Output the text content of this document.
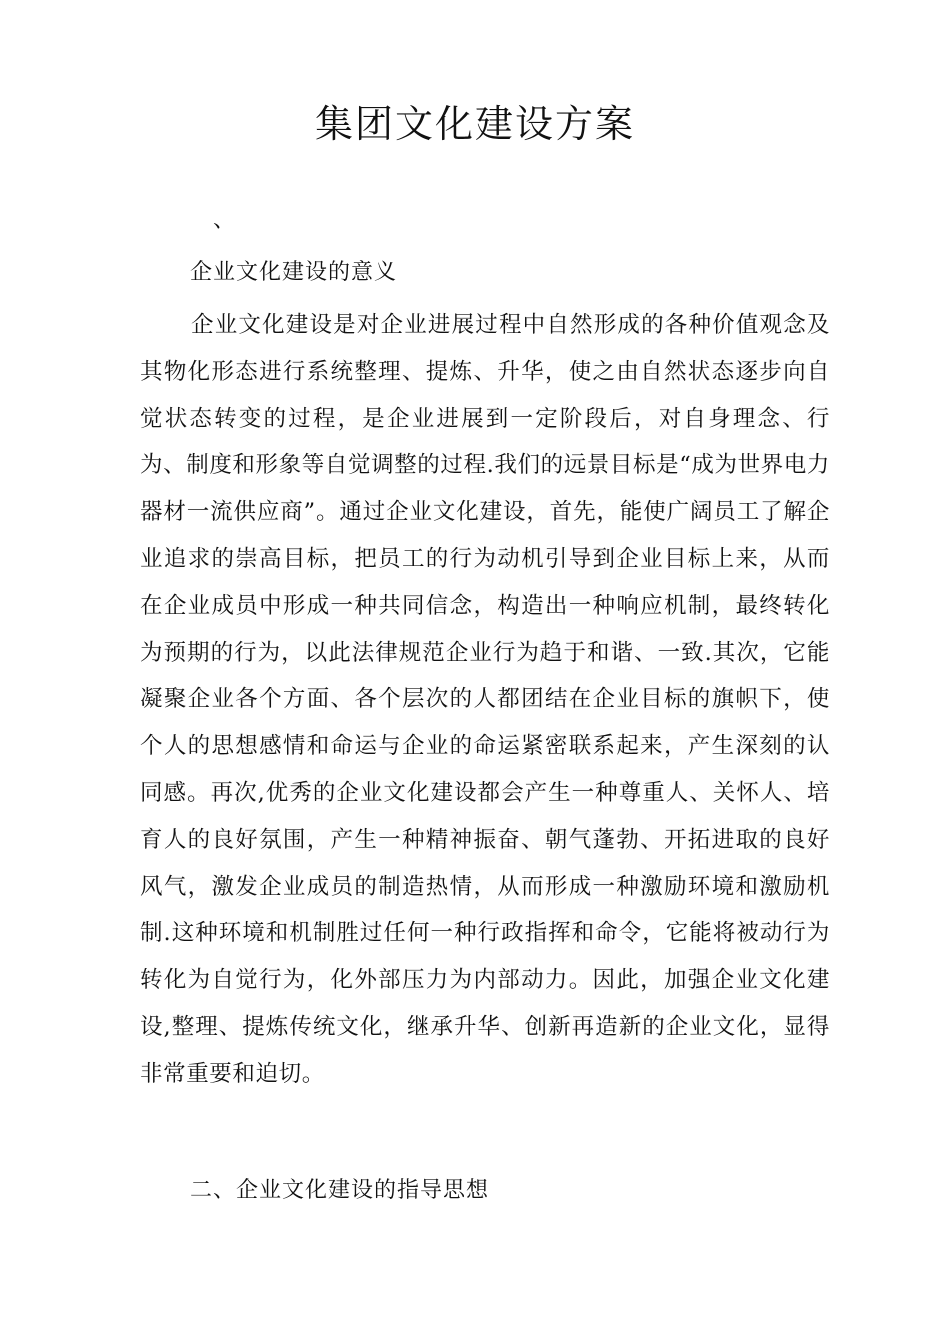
集团文化建设方案
、
企业文化建设的意义

企业文化建设是对企业进展过程中自然形成的各种价值观念及其物化形态进行系统整理、提炼、升华，使之由自然状态逐步向自觉状态转变的过程，是企业进展到一定阶段后，对自身理念、行为、制度和形象等自觉调整的过程.我们的远景目标是“成为世界电力器材一流供应商”。通过企业文化建设，首先，能使广阔员工了解企业追求的崇高目标，把员工的行为动机引导到企业目标上来，从而在企业成员中形成一种共同信念，构造出一种响应机制，最终转化为预期的行为，以此法律规范企业行为趋于和谐、一致.其次，它能凝聚企业各个方面、各个层次的人都团结在企业目标的旗帜下，使个人的思想感情和命运与企业的命运紧密联系起来，产生深刻的认同感。再次,优秀的企业文化建设都会产生一种尊重人、关怀人、培育人的良好氛围，产生一种精神振奋、朝气蓬勃、开拓进取的良好风气，激发企业成员的制造热情，从而形成一种激励环境和激励机制.这种环境和机制胜过任何一种行政指挥和命令，它能将被动行为转化为自觉行为，化外部压力为内部动力。因此，加强企业文化建设,整理、提炼传统文化，继承升华、创新再造新的企业文化，显得非常重要和迫切。

二、企业文化建设的指导思想
